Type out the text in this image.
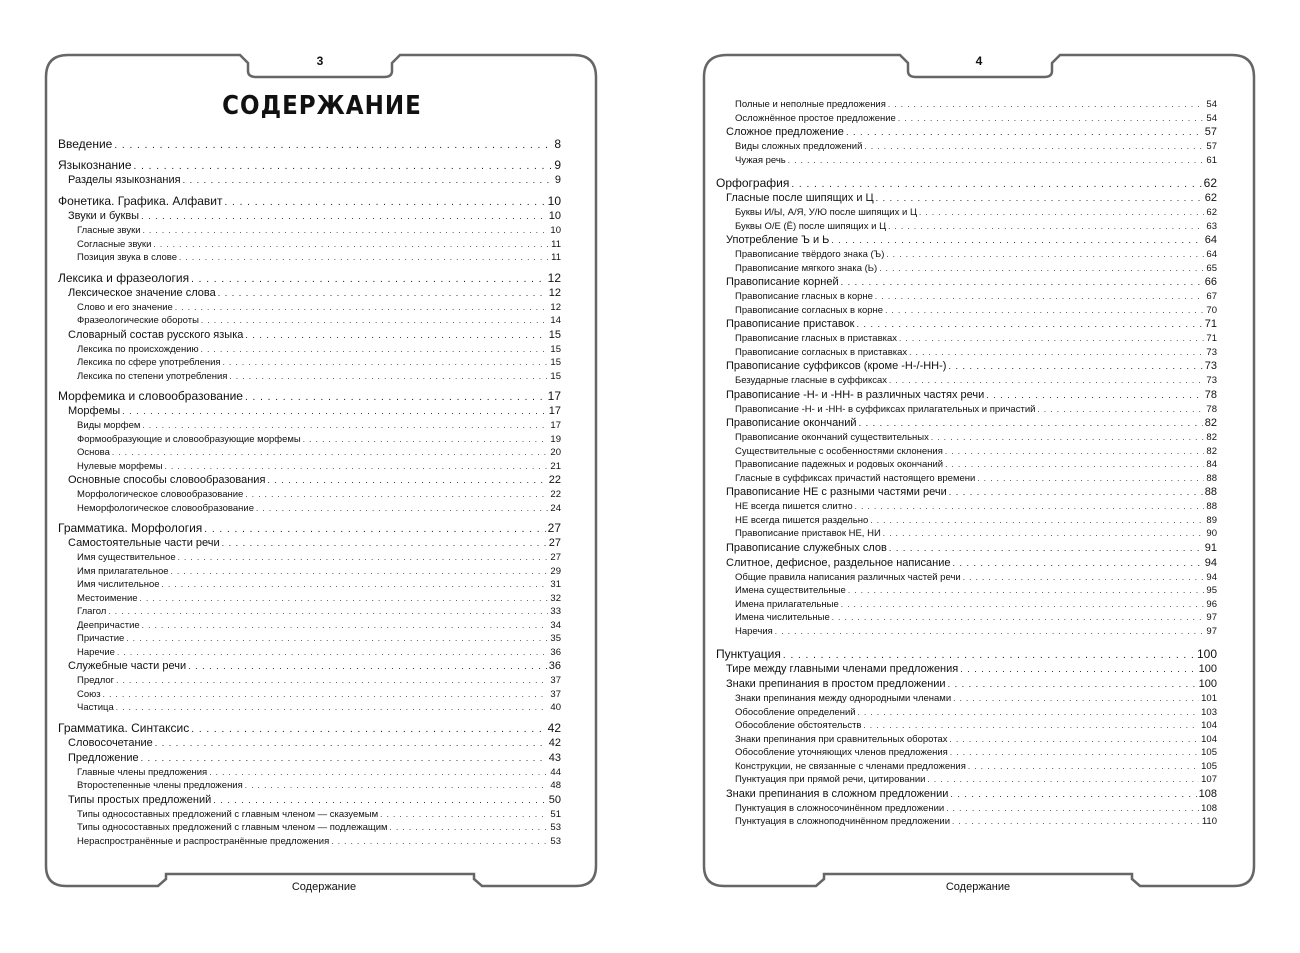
3	4
СОДЕРЖАНИЕ
Введение . . .	8
Языкознание . . .	9
Разделы языкознания . . .	9
Фонетика. Графика. Алфавит . . .	10
Звуки и буквы . . .	10
Гласные звуки . . .	10
Согласные звуки . . .	11
Позиция звука в слове . . .	11
Лексика и фразеология . . .	12
Лексическое значение слова . . .	12
Слово и его значение . . .	12
Фразеологические обороты . . .	14
Словарный состав русского языка . . .	15
Лексика по происхождению . . .	15
Лексика по сфере употребления . . .	15
Лексика по степени употребления . . .	15
Морфемика и словообразование . . .	17
Морфемы . . .	17
Виды морфем . . .	17
Формообразующие и словообразующие морфемы . . .	19
Основа . . .	20
Нулевые морфемы . . .	21
Основные способы словообразования . . .	22
Морфологическое словообразование . . .	22
Неморфологическое словообразование . . .	24
Грамматика. Морфология . . .	27
Самостоятельные части речи . . .	27
Имя существительное . . .	27
Имя прилагательное . . .	29
Имя числительное . . .	31
Местоимение . . .	32
Глагол . . .	33
Деепричастие . . .	34
Причастие . . .	35
Наречие . . .	36
Служебные части речи . . .	36
Предлог . . .	37
Союз . . .	37
Частица . . .	40
Грамматика. Синтаксис . . .	42
Словосочетание . . .	42
Предложение . . .	43
Главные члены предложения . . .	44
Второстепенные члены предложения . . .	48
Типы простых предложений . . .	50
Типы односоставных предложений с главным членом — сказуемым . . .	51
Типы односоставных предложений с главным членом — подлежащим . . .	53
Нераспространённые и распространённые предложения . . .	53
Полные и неполные предложения . . .	54
Осложнённое простое предложение . . .	54
Сложное предложение . . .	57
Виды сложных предложений . . .	57
Чужая речь . . .	61
Орфография . . .	62
Гласные после шипящих и Ц . . .	62
Буквы И/Ы, А/Я, У/Ю после шипящих и Ц . . .	62
Буквы О/Е (Ё) после шипящих и Ц . . .	63
Употребление Ъ и Ь . . .	64
Правописание твёрдого знака (Ъ) . . .	64
Правописание мягкого знака (Ь) . . .	65
Правописание корней . . .	66
Правописание гласных в корне . . .	67
Правописание согласных в корне . . .	70
Правописание приставок . . .	71
Правописание гласных в приставках . . .	71
Правописание согласных в приставках . . .	73
Правописание суффиксов (кроме -Н-/-НН-) . . .	73
Безударные гласные в суффиксах . . .	73
Правописание -Н- и -НН- в различных частях речи . . .	78
Правописание -Н- и -НН- в суффиксах прилагательных и причастий . . .	78
Правописание окончаний . . .	82
Правописание окончаний существительных . . .	82
Существительные с особенностями склонения . . .	82
Правописание падежных и родовых окончаний . . .	84
Гласные в суффиксах причастий настоящего времени . . .	88
Правописание НЕ с разными частями речи . . .	88
НЕ всегда пишется слитно . . .	88
НЕ всегда пишется раздельно . . .	89
Правописание приставок НЕ, НИ . . .	90
Правописание служебных слов . . .	91
Слитное, дефисное, раздельное написание . . .	94
Общие правила написания различных частей речи . . .	94
Имена существительные . . .	95
Имена прилагательные . . .	96
Имена числительные . . .	97
Наречия . . .	97
Пунктуация . . .	100
Тире между главными членами предложения . . .	100
Знаки препинания в простом предложении . . .	100
Знаки препинания между однородными членами . . .	101
Обособление определений . . .	103
Обособление обстоятельств . . .	104
Знаки препинания при сравнительных оборотах . . .	104
Обособление уточняющих членов предложения . . .	105
Конструкции, не связанные с членами предложения . . .	105
Пунктуация при прямой речи, цитировании . . .	107
Знаки препинания в сложном предложении . . .	108
Пунктуация в сложносочинённом предложении . . .	108
Пунктуация в сложноподчинённом предложении . . .	110
Содержание	Содержание
